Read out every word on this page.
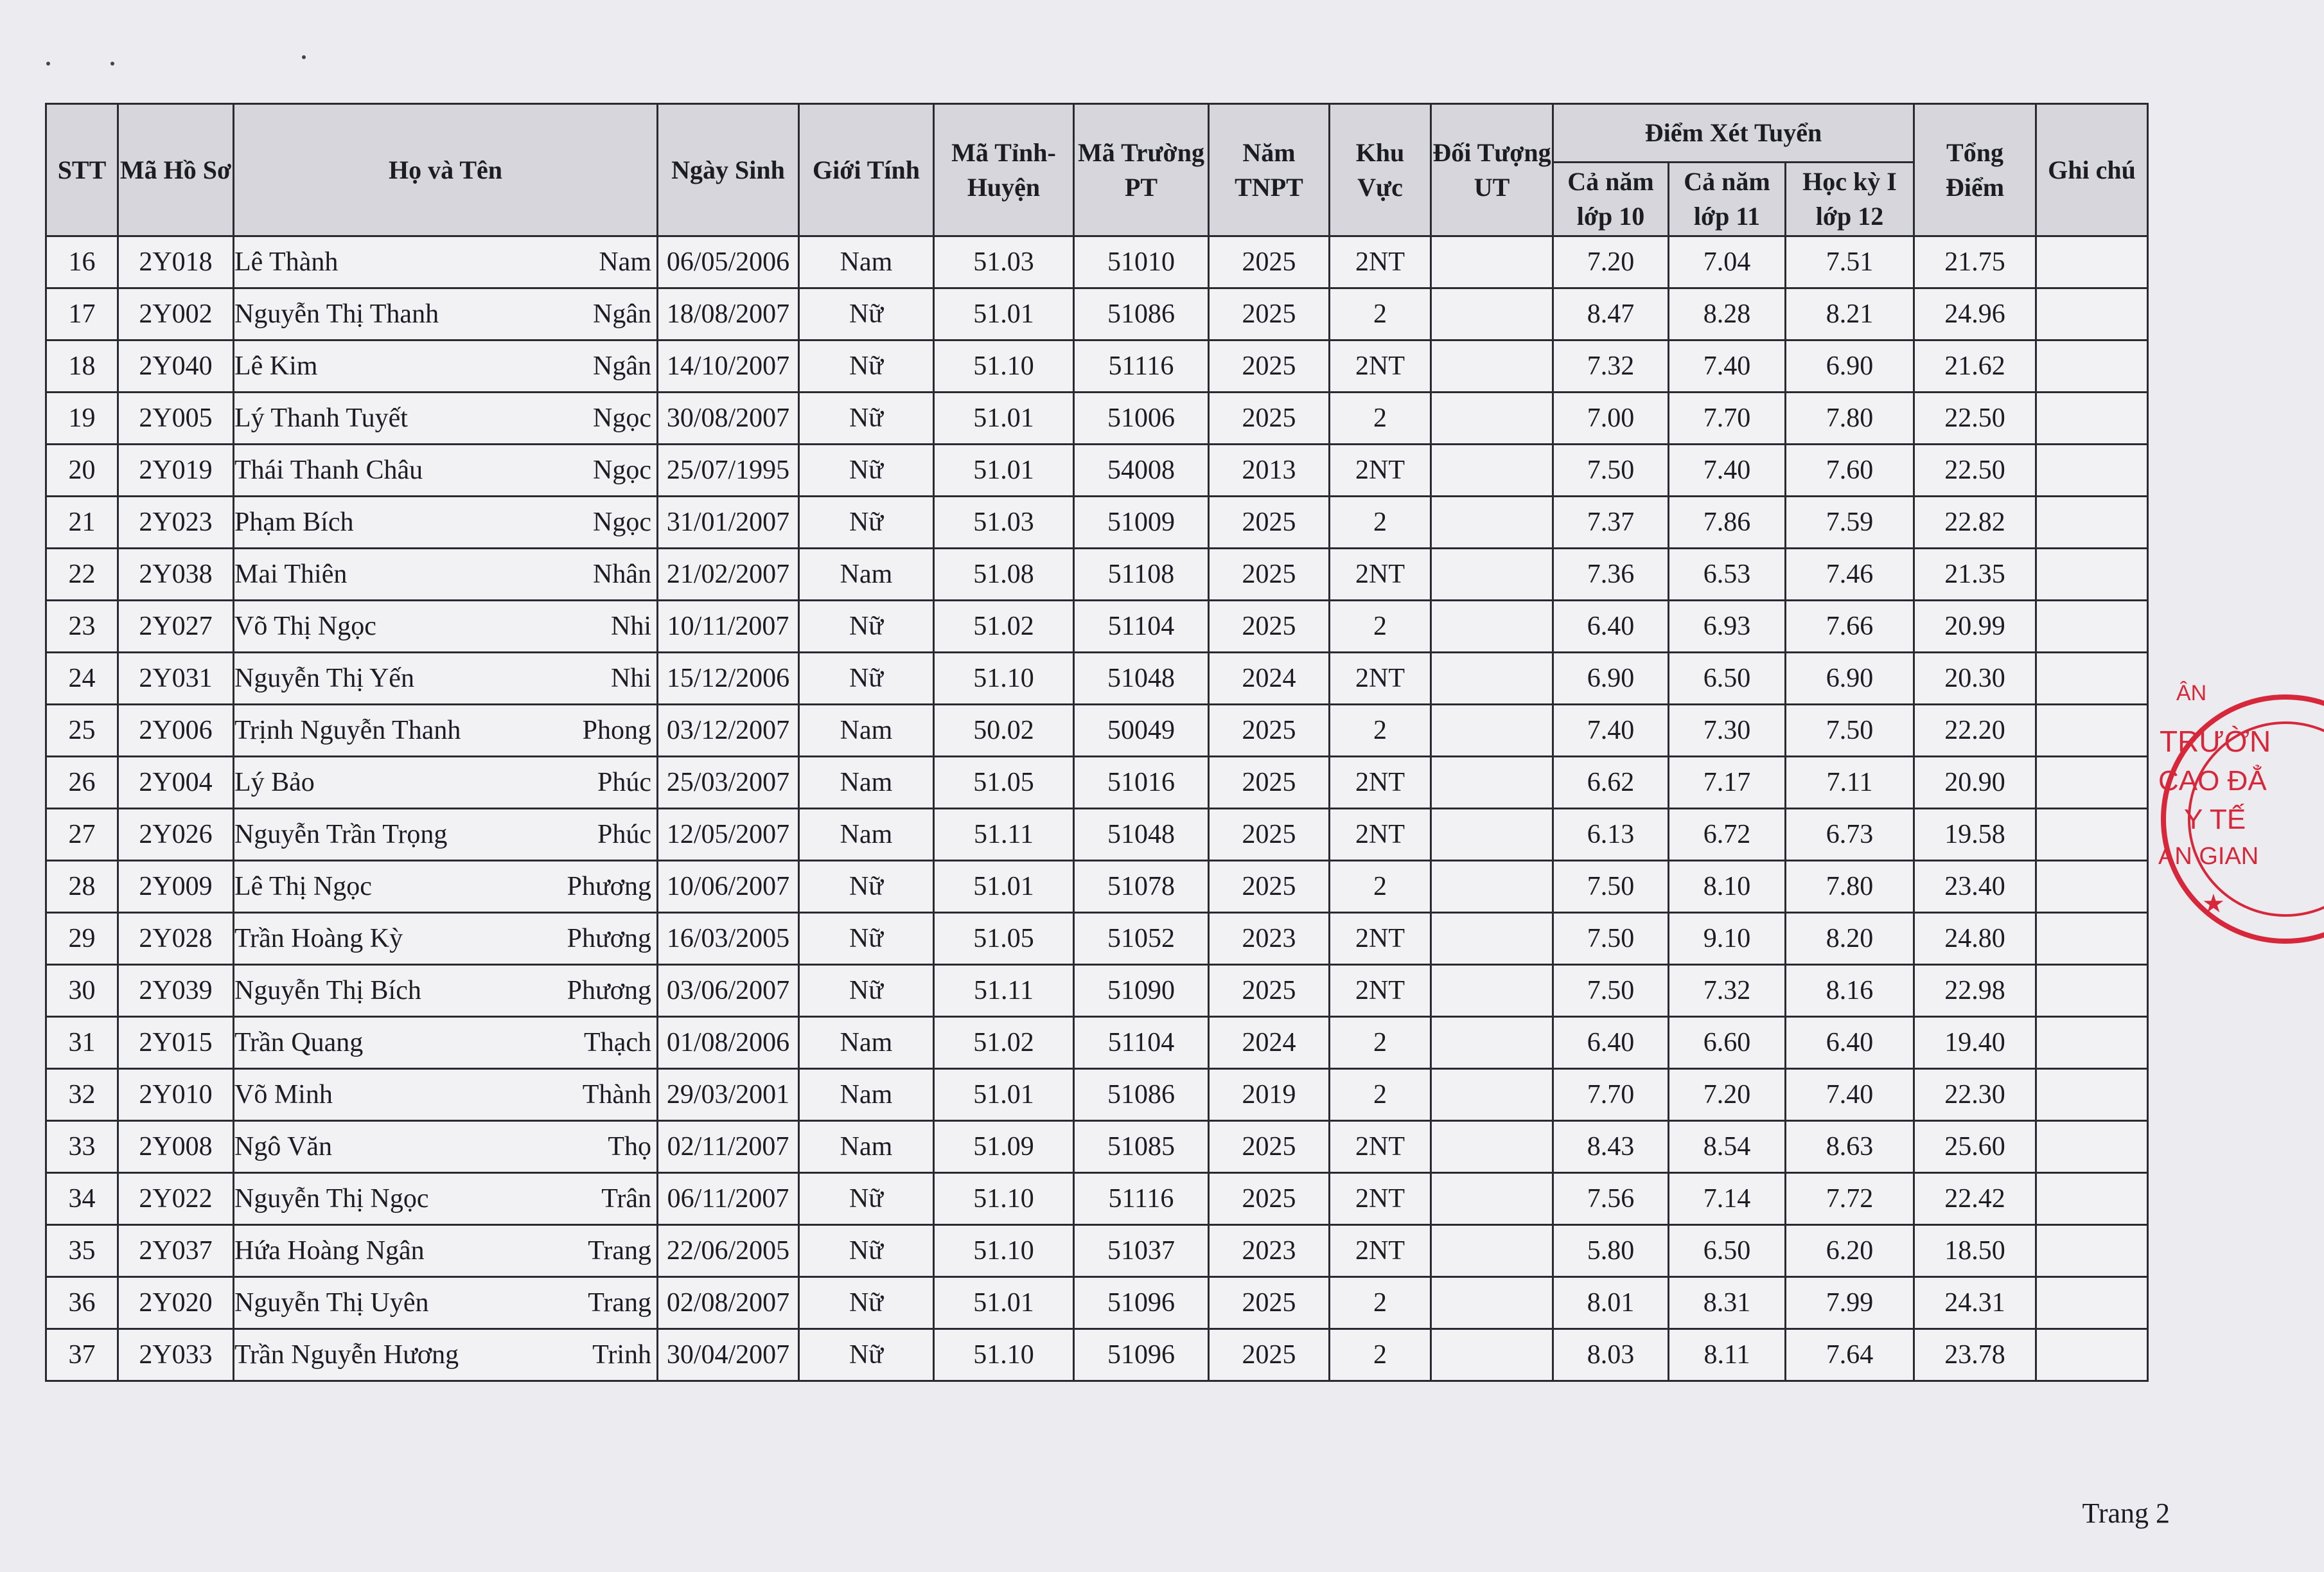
STT	Mã Hồ Sơ	Họ và Tên	Ngày Sinh	Giới Tính	Mã Tỉnh-Huyện	Mã Trường PT	Năm TNPT	Khu Vực	Đối Tượng UT	Điểm Xét Tuyển			Tổng Điểm	Ghi chú
										Cả năm lớp 10	Cả năm lớp 11	Học kỳ I lớp 12		
16	2Y018	Lê Thành Nam	06/05/2006	Nam	51.03	51010	2025	2NT		7.20	7.04	7.51	21.75	
17	2Y002	Nguyễn Thị Thanh Ngân	18/08/2007	Nữ	51.01	51086	2025	2		8.47	8.28	8.21	24.96	
18	2Y040	Lê Kim Ngân	14/10/2007	Nữ	51.10	51116	2025	2NT		7.32	7.40	6.90	21.62	
19	2Y005	Lý Thanh Tuyết Ngọc	30/08/2007	Nữ	51.01	51006	2025	2		7.00	7.70	7.80	22.50	
20	2Y019	Thái Thanh Châu Ngọc	25/07/1995	Nữ	51.01	54008	2013	2NT		7.50	7.40	7.60	22.50	
21	2Y023	Phạm Bích Ngọc	31/01/2007	Nữ	51.03	51009	2025	2		7.37	7.86	7.59	22.82	
22	2Y038	Mai Thiên Nhân	21/02/2007	Nam	51.08	51108	2025	2NT		7.36	6.53	7.46	21.35	
23	2Y027	Võ Thị Ngọc Nhi	10/11/2007	Nữ	51.02	51104	2025	2		6.40	6.93	7.66	20.99	
24	2Y031	Nguyễn Thị Yến Nhi	15/12/2006	Nữ	51.10	51048	2024	2NT		6.90	6.50	6.90	20.30	
25	2Y006	Trịnh Nguyễn Thanh Phong	03/12/2007	Nam	50.02	50049	2025	2		7.40	7.30	7.50	22.20	
26	2Y004	Lý Bảo Phúc	25/03/2007	Nam	51.05	51016	2025	2NT		6.62	7.17	7.11	20.90	
27	2Y026	Nguyễn Trần Trọng Phúc	12/05/2007	Nam	51.11	51048	2025	2NT		6.13	6.72	6.73	19.58	
28	2Y009	Lê Thị Ngọc Phương	10/06/2007	Nữ	51.01	51078	2025	2		7.50	8.10	7.80	23.40	
29	2Y028	Trần Hoàng Kỳ Phương	16/03/2005	Nữ	51.05	51052	2023	2NT		7.50	9.10	8.20	24.80	
30	2Y039	Nguyễn Thị Bích Phương	03/06/2007	Nữ	51.11	51090	2025	2NT		7.50	7.32	8.16	22.98	
31	2Y015	Trần Quang Thạch	01/08/2006	Nam	51.02	51104	2024	2		6.40	6.60	6.40	19.40	
32	2Y010	Võ Minh Thành	29/03/2001	Nam	51.01	51086	2019	2		7.70	7.20	7.40	22.30	
33	2Y008	Ngô Văn Thọ	02/11/2007	Nam	51.09	51085	2025	2NT		8.43	8.54	8.63	25.60	
34	2Y022	Nguyễn Thị Ngọc Trân	06/11/2007	Nữ	51.10	51116	2025	2NT		7.56	7.14	7.72	22.42	
35	2Y037	Hứa Hoàng Ngân Trang	22/06/2005	Nữ	51.10	51037	2023	2NT		5.80	6.50	6.20	18.50	
36	2Y020	Nguyễn Thị Uyên Trang	02/08/2007	Nữ	51.01	51096	2025	2		8.01	8.31	7.99	24.31	
37	2Y033	Trần Nguyễn Hương Trinh	30/04/2007	Nữ	51.10	51096	2025	2		8.03	8.11	7.64	23.78	
ÂN
TRƯỜN
CAO ĐẲ
Y TẾ
AN GIAN
★
Trang 2
